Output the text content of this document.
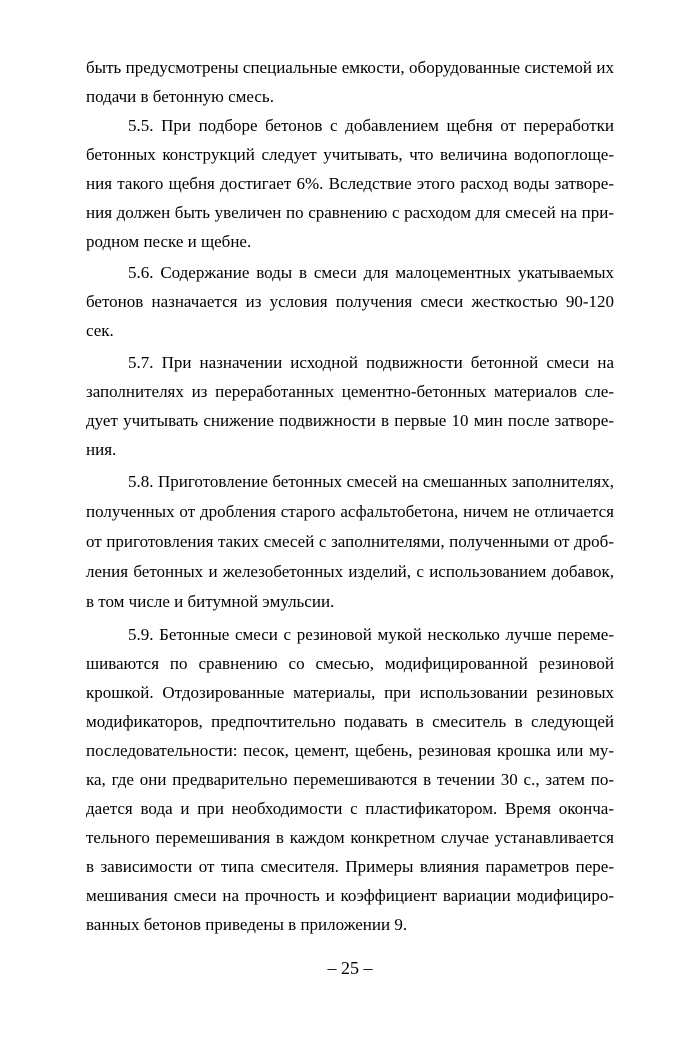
быть предусмотрены специальные емкости, оборудованные системой их
подачи в бетонную смесь.
5.5. При подборе бетонов с добавлением щебня от переработки
бетонных конструкций следует учитывать, что величина водопоглоще-
ния такого щебня достигает 6%. Вследствие этого расход воды затворе-
ния должен быть увеличен по сравнению с расходом для смесей на при-
родном песке и щебне.
5.6. Содержание воды в смеси для малоцементных укатываемых
бетонов назначается из условия получения смеси жесткостью 90-120
сек.
5.7. При назначении исходной подвижности бетонной смеси на
заполнителях из переработанных цементно-бетонных материалов сле-
дует учитывать снижение подвижности в первые 10 мин после затворе-
ния.
5.8. Приготовление бетонных смесей на смешанных заполнителях,
полученных от дробления старого асфальтобетона, ничем не отличается
от приготовления таких смесей с заполнителями, полученными от дроб-
ления бетонных и железобетонных изделий, с использованием добавок,
в том числе и битумной эмульсии.
5.9. Бетонные смеси с резиновой мукой несколько лучше переме-
шиваются по сравнению со смесью, модифицированной резиновой
крошкой. Отдозированные материалы, при использовании резиновых
модификаторов, предпочтительно подавать в смеситель в следующей
последовательности: песок, цемент, щебень, резиновая крошка или му-
ка, где они предварительно перемешиваются в течении 30 с., затем по-
дается вода и при необходимости с пластификатором. Время оконча-
тельного перемешивания в каждом конкретном случае устанавливается
в зависимости от типа смесителя. Примеры влияния параметров пере-
мешивания смеси на прочность и коэффициент вариации модифициро-
ванных бетонов приведены в приложении 9.
– 25 –
